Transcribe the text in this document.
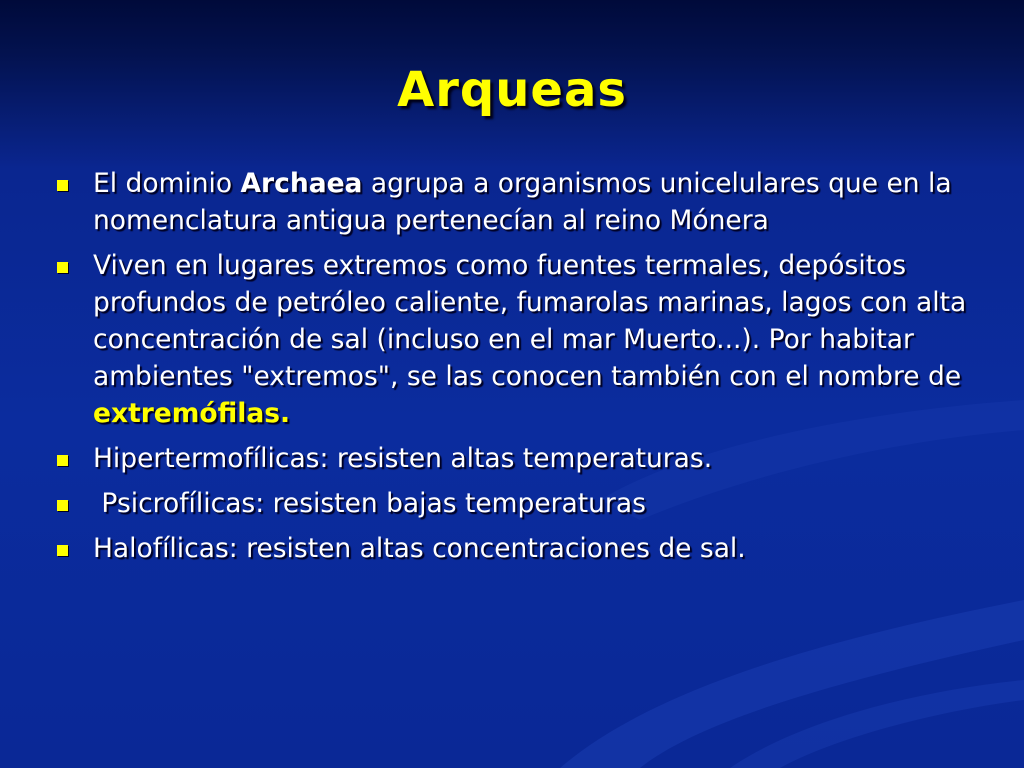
Arqueas
El dominio Archaea agrupa a organismos unicelulares que en la nomenclatura antigua pertenecían al reino Mónera
Viven en lugares extremos como fuentes termales, depósitos profundos de petróleo caliente, fumarolas marinas, lagos con alta concentración de sal (incluso en el mar Muerto...). Por habitar ambientes "extremos", se las conocen también con el nombre de extremófilas.
Hipertermofílicas: resisten altas temperaturas.
Psicrofílicas: resisten bajas temperaturas
Halofílicas: resisten altas concentraciones de sal.
